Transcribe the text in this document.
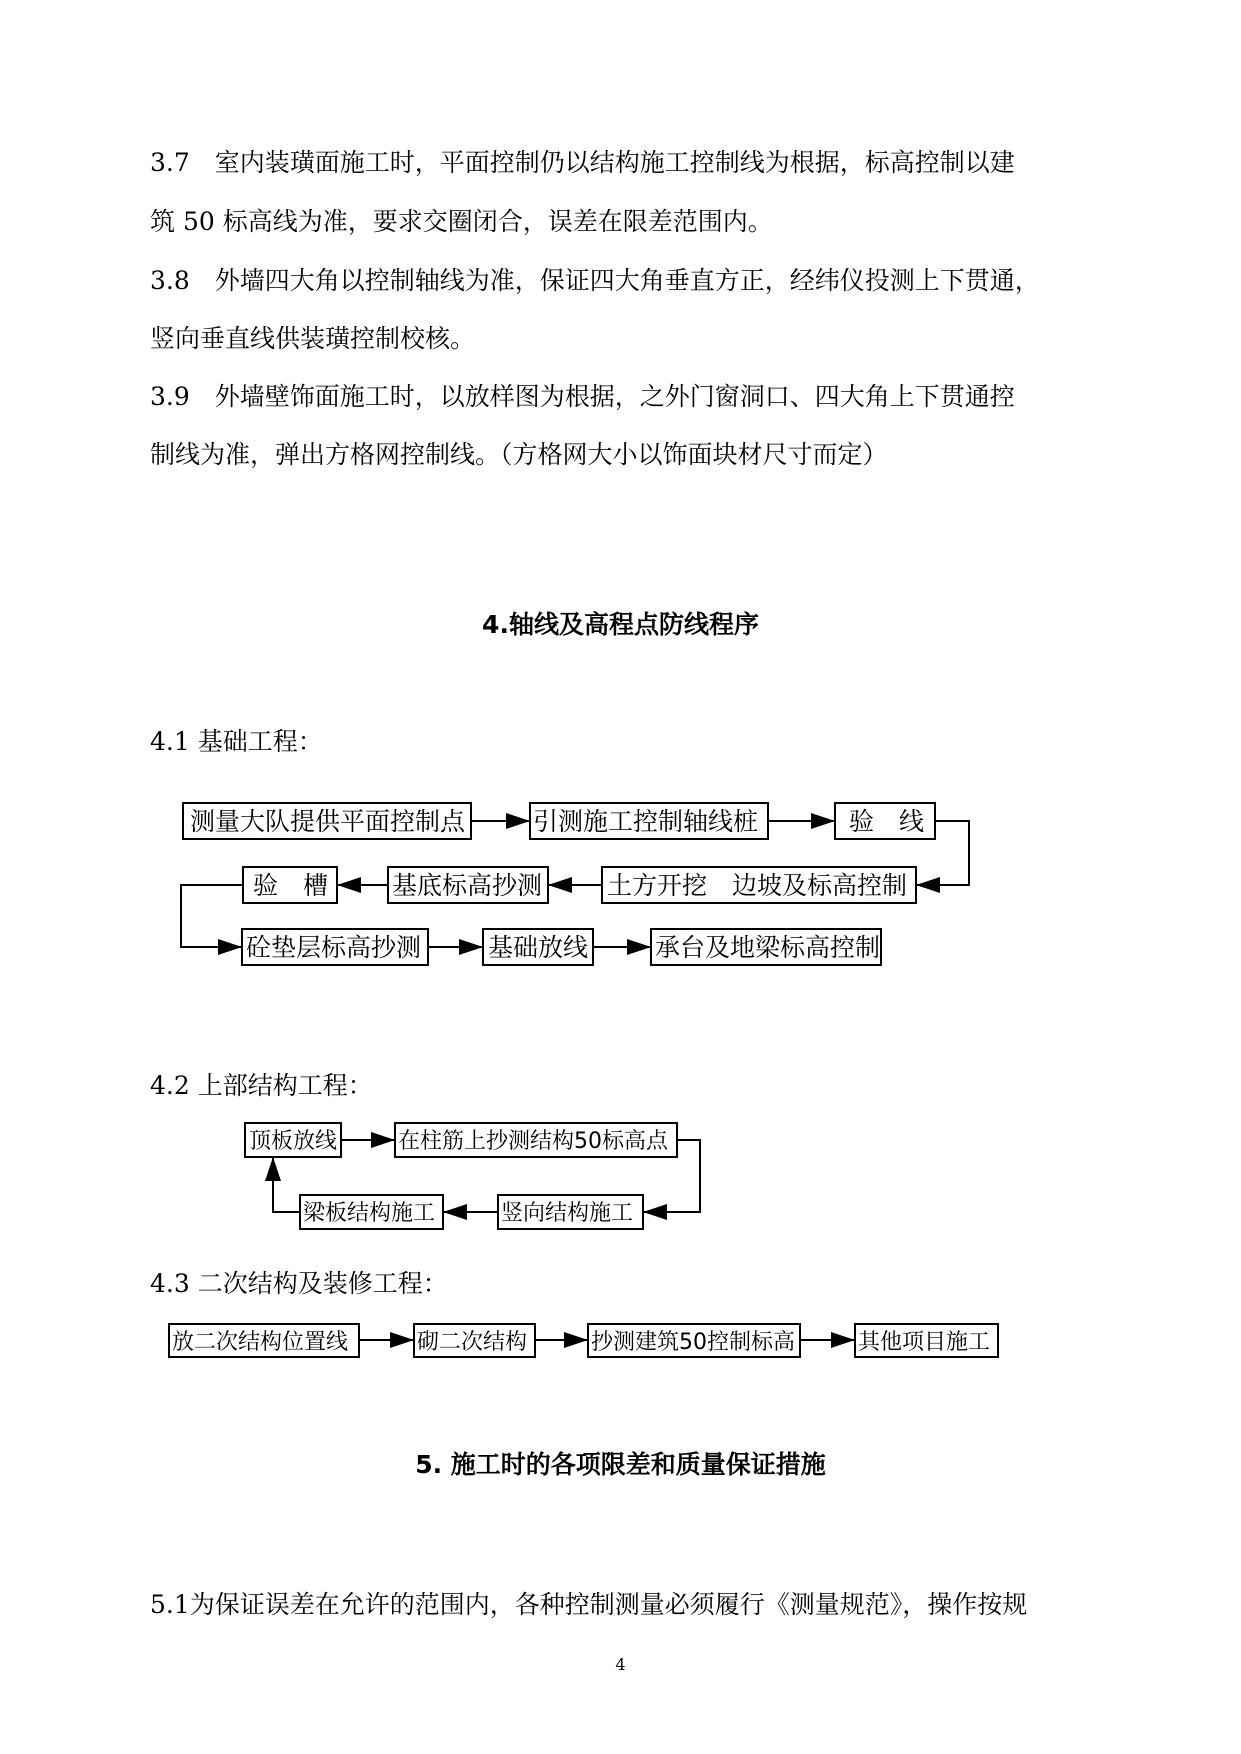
3.7　室内装璜面施工时，平面控制仍以结构施工控制线为根据，标高控制以建
筑 50 标高线为准，要求交圈闭合，误差在限差范围内。
3.8　外墙四大角以控制轴线为准，保证四大角垂直方正，经纬仪投测上下贯通，
竖向垂直线供装璜控制校核。
3.9　外墙壁饰面施工时，以放样图为根据，之外门窗洞口、四大角上下贯通控
制线为准，弹出方格网控制线。（方格网大小以饰面块材尺寸而定）
4.轴线及高程点防线程序
4.1 基础工程：
测量大队提供平面控制点	引测施工控制轴线桩	验　线
土方开挖　边坡及标高控制
基底标高抄测
验　槽
砼垫层标高抄测	基础放线	承台及地梁标高控制
顶板放线	在柱筋上抄测结构50标高点
竖向结构施工
梁板结构施工
放二次结构位置线	砌二次结构	抄测建筑50控制标高	其他项目施工
4.2 上部结构工程：
4.3 二次结构及装修工程：
5. 施工时的各项限差和质量保证措施
5.1为保证误差在允许的范围内，各种控制测量必须履行《测量规范》，操作按规
4
